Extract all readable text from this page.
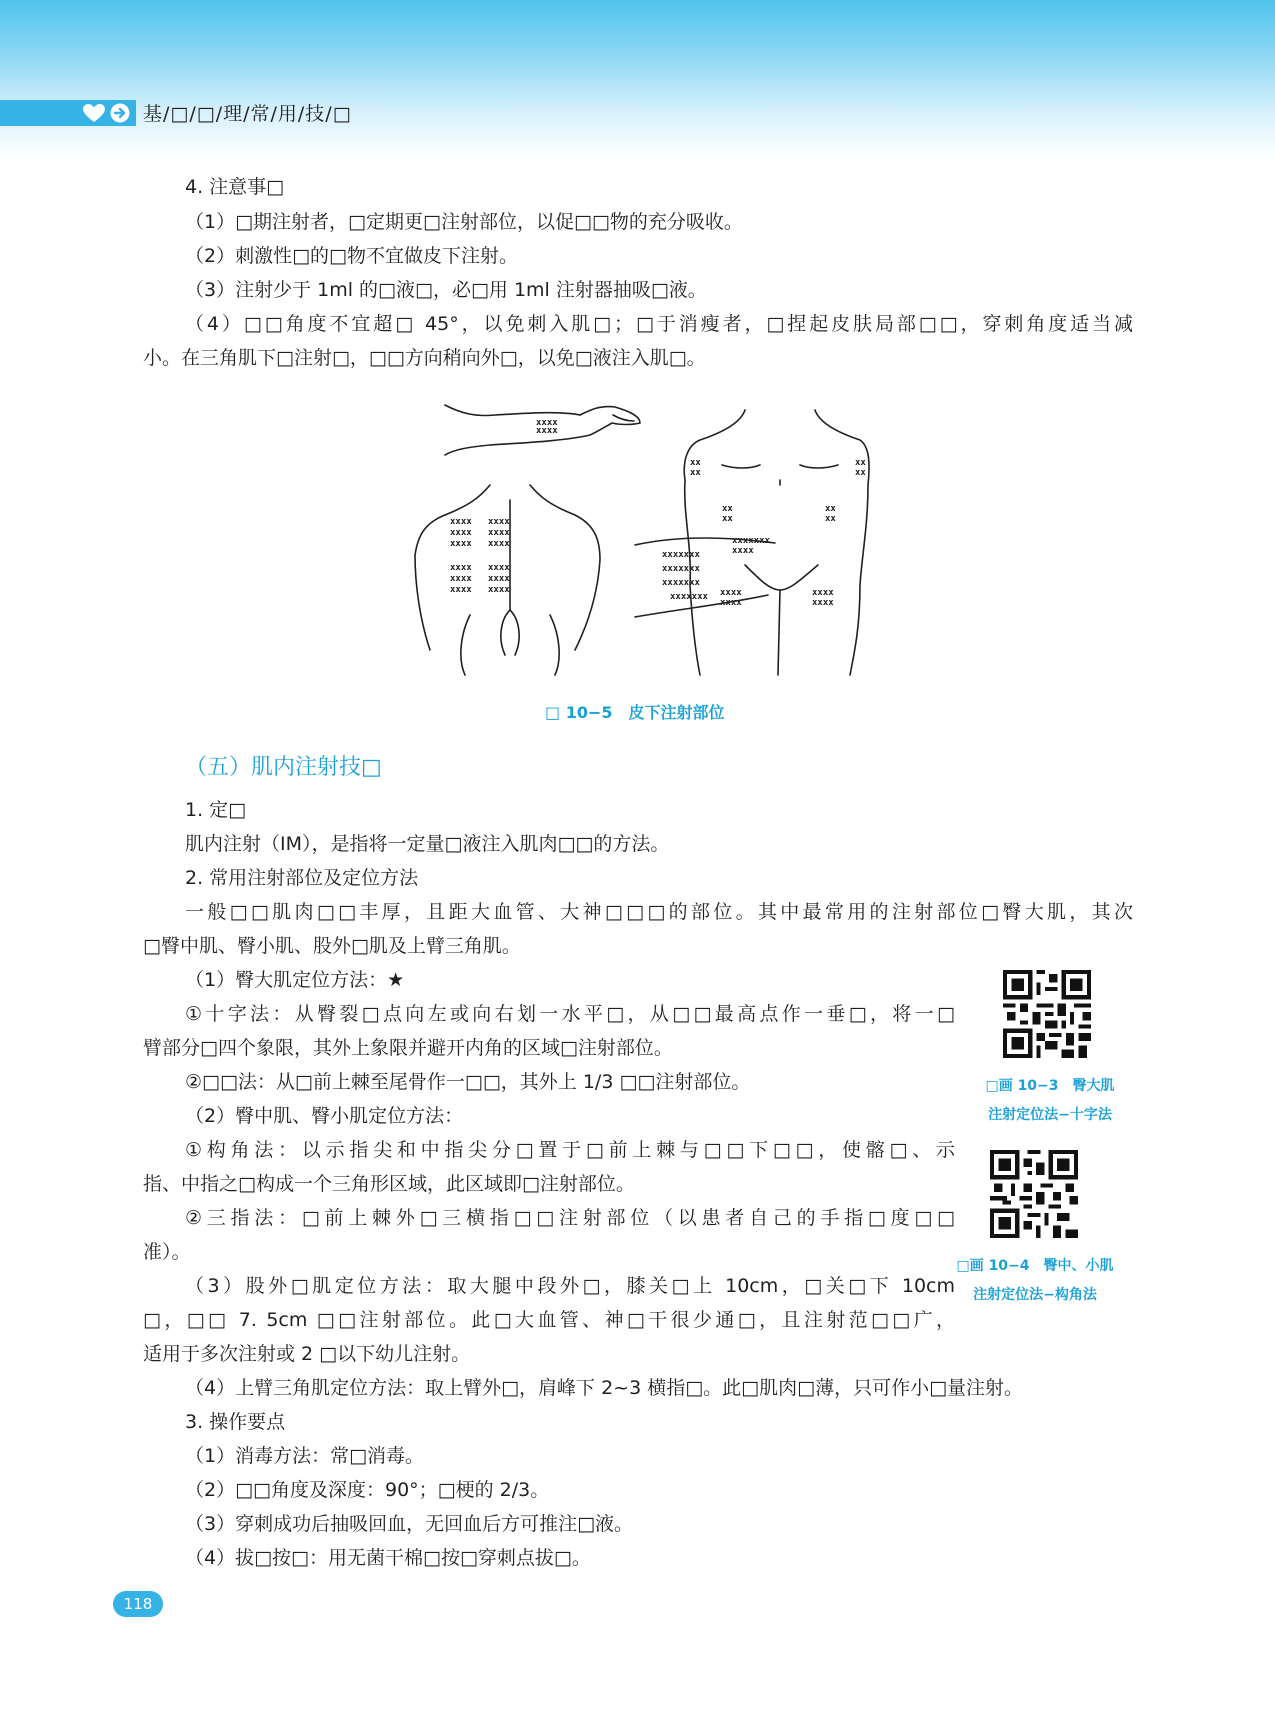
基/□/□/理/常/用/技/□
4. 注意事□
（1）□期注射者，□定期更□注射部位，以促□□物的充分吸收。
（2）刺激性□的□物不宜做皮下注射。
（3）注射少于 1ml 的□液□，必□用 1ml 注射器抽吸□液。
（4）□□角度不宜超□ 45°，以免刺入肌□；□于消瘦者，□捏起皮肤局部□□，穿刺角度适当减
小。在三角肌下□注射□，□□方向稍向外□，以免□液注入肌□。
xxxx
xxxx
xxxx
xxxx
xxxx
xxxx
xxxx
xxxx
xxxx
xxxx
xxxx
xxxx
xxxx
xxxx
xxxxxxx
xxxxxxx
xxxxxxx
xxxxxxx
xx
xx
xx
xx
xx
xx
xx
xx
xxxxxxx
xxxx
xxxx
xxxx
xxxx
xxxx
□ 10−5　皮下注射部位
（五）肌内注射技□
1. 定□
肌内注射（IM），是指将一定量□液注入肌肉□□的方法。
2. 常用注射部位及定位方法
一般□□肌肉□□丰厚，且距大血管、大神□□□的部位。其中最常用的注射部位□臀大肌，其次
□臀中肌、臀小肌、股外□肌及上臂三角肌。
（1）臀大肌定位方法：★
①十字法：从臀裂□点向左或向右划一水平□，从□□最高点作一垂□，将一□
臂部分□四个象限，其外上象限并避开内角的区域□注射部位。
②□□法：从□前上棘至尾骨作一□□，其外上 1/3 □□注射部位。
（2）臀中肌、臀小肌定位方法：
①构角法：以示指尖和中指尖分□置于□前上棘与□□下□□，使髂□、示
指、中指之□构成一个三角形区域，此区域即□注射部位。
②三指法：□前上棘外□三横指□□注射部位（以患者自己的手指□度□□
准）。
（3）股外□肌定位方法：取大腿中段外□，膝关□上 10cm，□关□下 10cm
□，□□ 7. 5cm □□注射部位。此□大血管、神□干很少通□，且注射范□□广，
适用于多次注射或 2 □以下幼儿注射。
（4）上臂三角肌定位方法：取上臂外□，肩峰下 2~3 横指□。此□肌肉□薄，只可作小□量注射。
3. 操作要点
（1）消毒方法：常□消毒。
（2）□□角度及深度：90°；□梗的 2/3。
（3）穿刺成功后抽吸回血，无回血后方可推注□液。
（4）拔□按□：用无菌干棉□按□穿刺点拔□。
□画 10−3　臀大肌
注射定位法−十字法
□画 10−4　臀中、小肌
注射定位法−构角法
118
